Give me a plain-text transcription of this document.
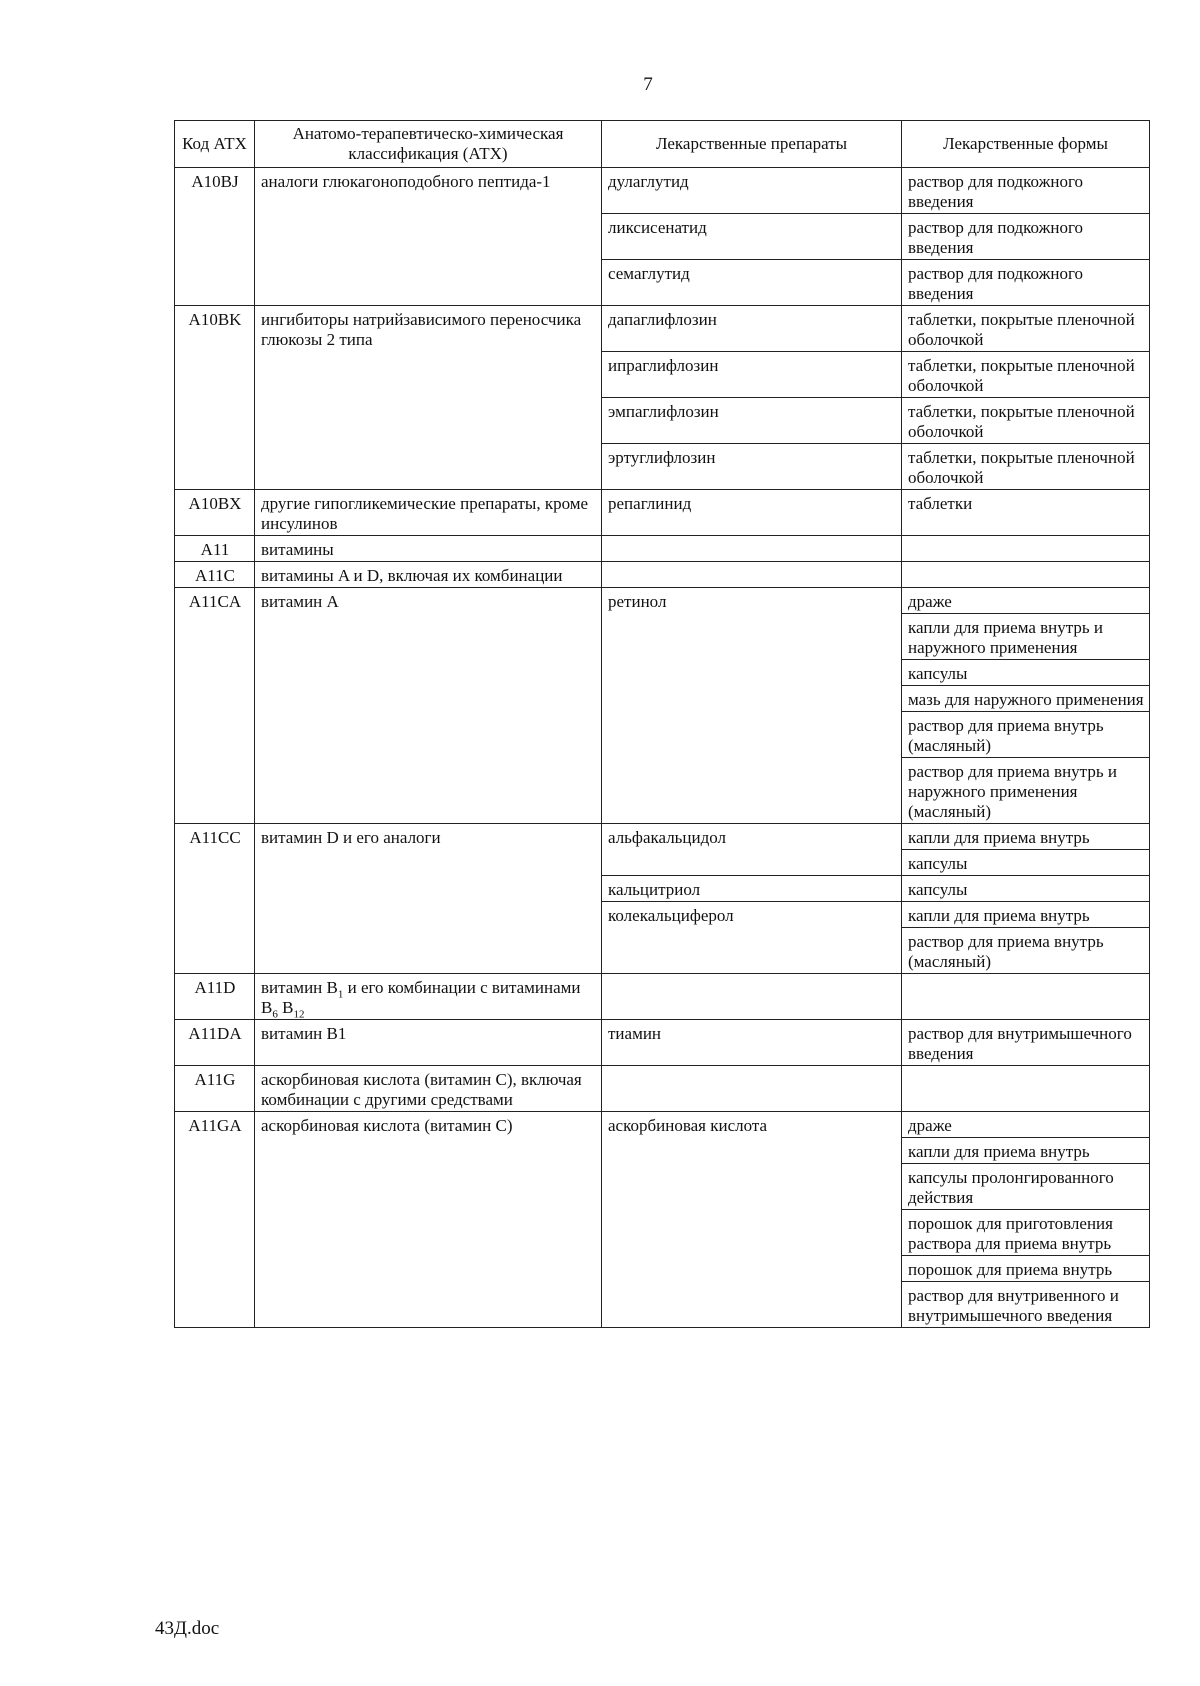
7
Код АТХ	Анатомо-терапевтическо-химическая классификация (АТХ)	Лекарственные препараты	Лекарственные формы
A10BJ	аналоги глюкагоноподобного пептида-1	дулаглутид	раствор для подкожного введения
		ликсисенатид	раствор для подкожного введения
		семаглутид	раствор для подкожного введения
A10BK	ингибиторы натрийзависимого переносчика глюкозы 2 типа	дапаглифлозин	таблетки, покрытые пленочной оболочкой
		ипраглифлозин	таблетки, покрытые пленочной оболочкой
		эмпаглифлозин	таблетки, покрытые пленочной оболочкой
		эртуглифлозин	таблетки, покрытые пленочной оболочкой
A10BX	другие гипогликемические препараты, кроме инсулинов	репаглинид	таблетки
A11	витамины		
A11C	витамины A и D, включая их комбинации		
A11CA	витамин A	ретинол	драже
			капли для приема внутрь и наружного применения
			капсулы
			мазь для наружного применения
			раствор для приема внутрь (масляный)
			раствор для приема внутрь и наружного применения (масляный)
A11CC	витамин D и его аналоги	альфакальцидол	капли для приема внутрь
			капсулы
		кальцитриол	капсулы
		колекальциферол	капли для приема внутрь
			раствор для приема внутрь (масляный)
A11D	витамин $B_1$ и его комбинации с витаминами $B_6$ $B_{12}$		
A11DA	витамин B1	тиамин	раствор для внутримышечного введения
A11G	аскорбиновая кислота (витамин C), включая комбинации с другими средствами		
A11GA	аскорбиновая кислота (витамин C)	аскорбиновая кислота	драже
			капли для приема внутрь
			капсулы пролонгированного действия
			порошок для приготовления раствора для приема внутрь
			порошок для приема внутрь
			раствор для внутривенного и внутримышечного введения
43Д.doc
